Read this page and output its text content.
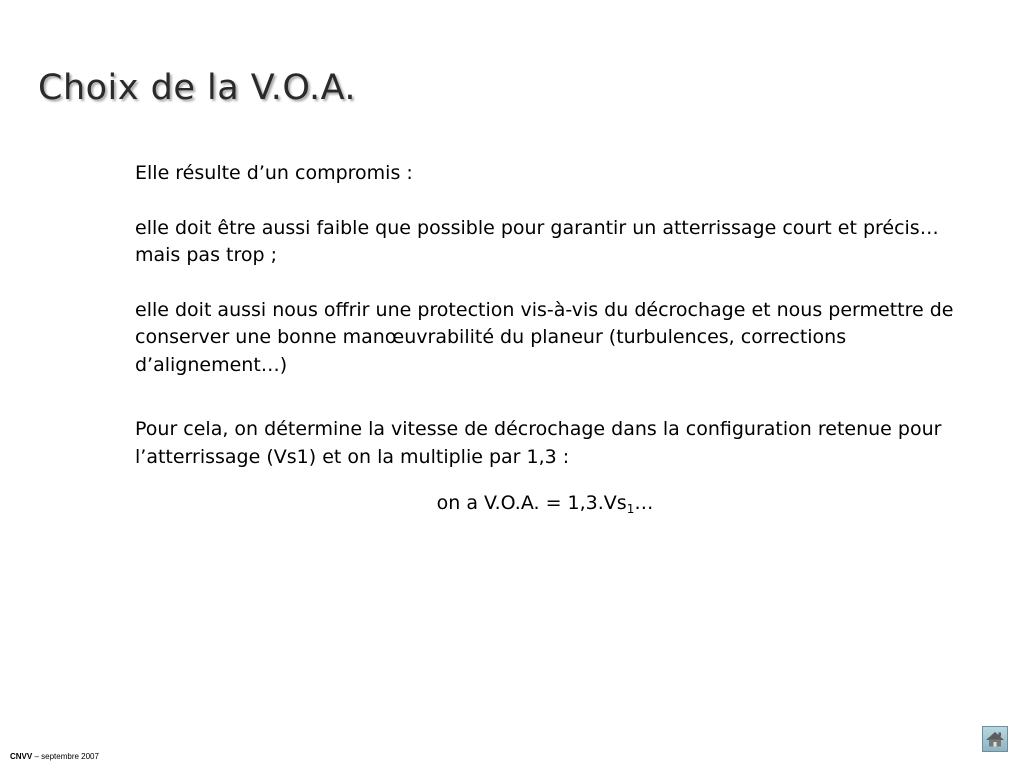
Choix de la V.O.A.

Elle résulte d’un compromis :

elle doit être aussi faible que possible pour garantir un atterrissage court et précis… mais pas trop ;

elle doit aussi nous offrir une protection vis-à-vis du décrochage et nous permettre de conserver une bonne manœuvrabilité du planeur (turbulences, corrections d’alignement…)

Pour cela, on détermine la vitesse de décrochage dans la configuration retenue pour l’atterrissage (Vs1) et on la multiplie par 1,3 :

on a V.O.A. = $1,3.Vs_1\dots$

CNVV – septembre 2007
